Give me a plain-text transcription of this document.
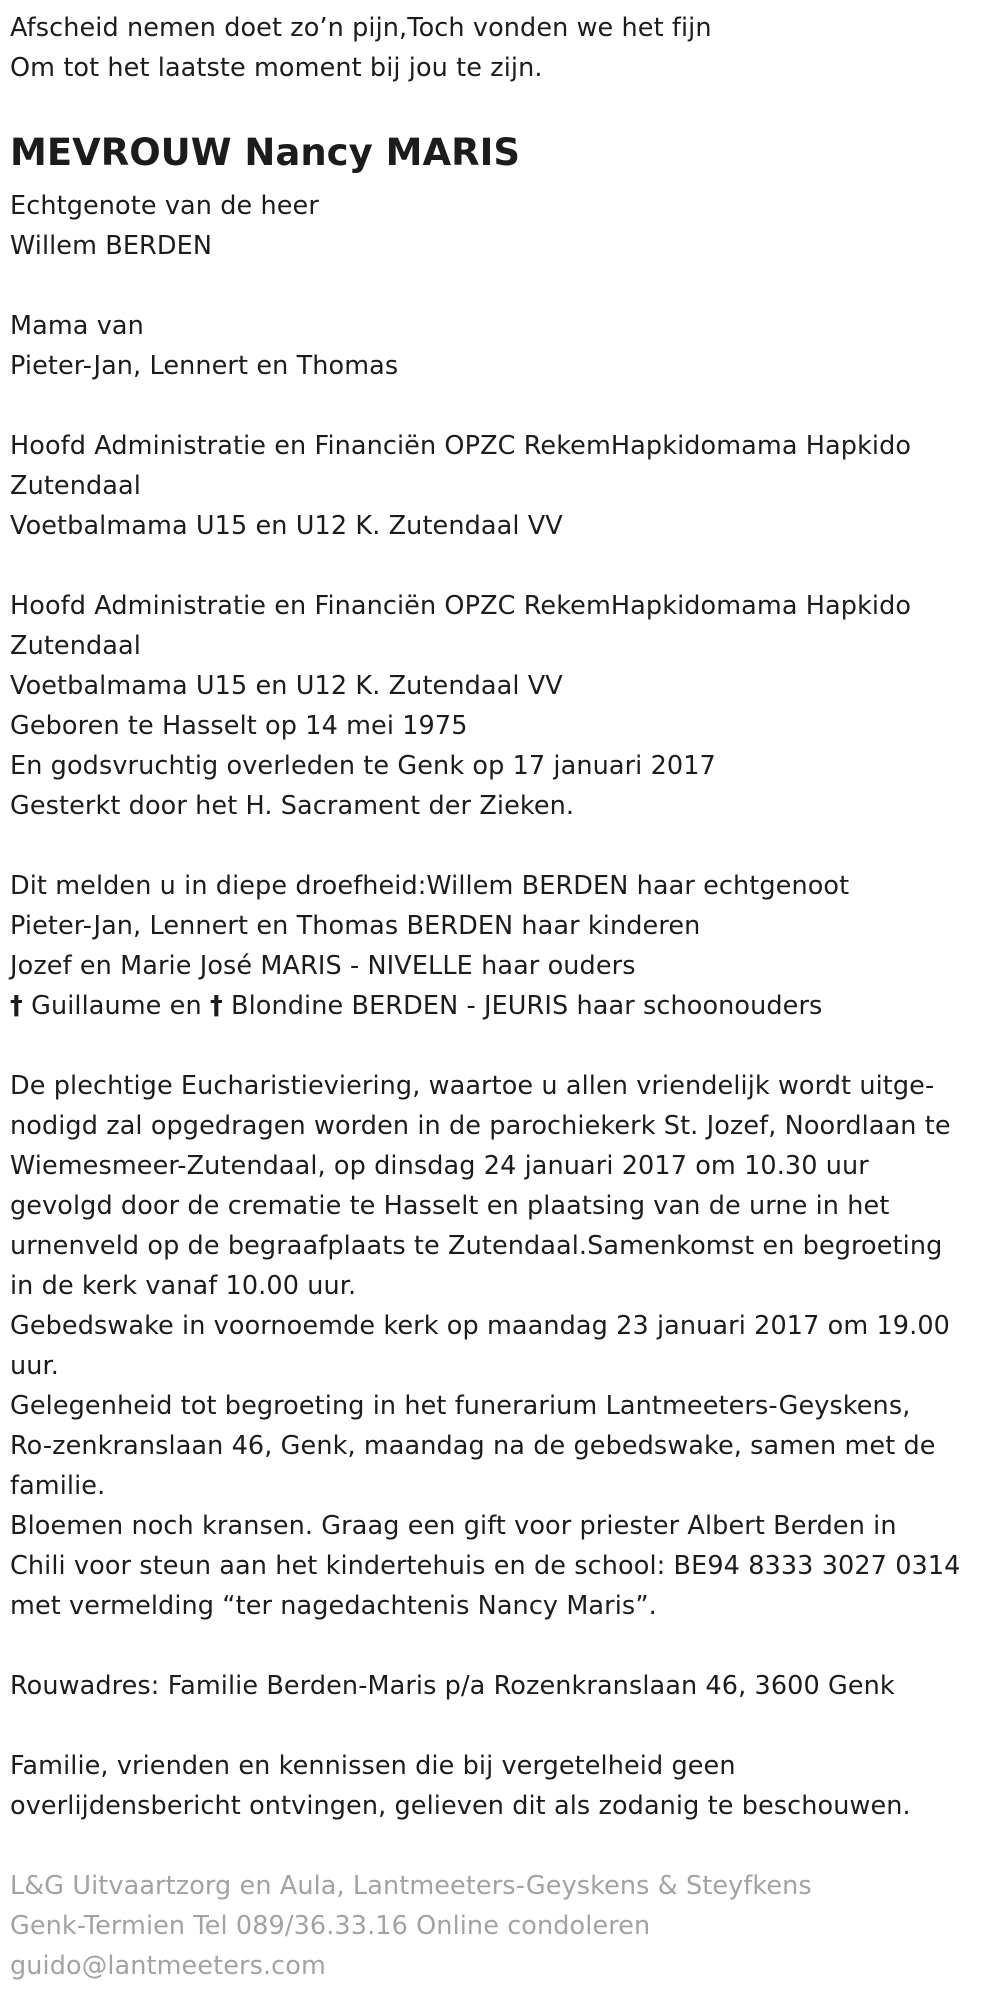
Afscheid nemen doet zo’n pijn,Toch vonden we het fijn
Om tot het laatste moment bij jou te zijn.
MEVROUW Nancy MARIS
Echtgenote van de heer
Willem BERDEN
Mama van
Pieter-Jan, Lennert en Thomas
Hoofd Administratie en Financiën OPZC RekemHapkidomama Hapkido
Zutendaal
Voetbalmama U15 en U12 K. Zutendaal VV
Hoofd Administratie en Financiën OPZC RekemHapkidomama Hapkido
Zutendaal
Voetbalmama U15 en U12 K. Zutendaal VV
Geboren te Hasselt op 14 mei 1975
En godsvruchtig overleden te Genk op 17 januari 2017
Gesterkt door het H. Sacrament der Zieken.
Dit melden u in diepe droefheid:Willem BERDEN haar echtgenoot
Pieter-Jan, Lennert en Thomas BERDEN haar kinderen
Jozef en Marie José MARIS - NIVELLE haar ouders
† Guillaume en † Blondine BERDEN - JEURIS haar schoonouders
De plechtige Eucharistieviering, waartoe u allen vriendelijk wordt uitge-
nodigd zal opgedragen worden in de parochiekerk St. Jozef, Noordlaan te
Wiemesmeer-Zutendaal, op dinsdag 24 januari 2017 om 10.30 uur
gevolgd door de crematie te Hasselt en plaatsing van de urne in het
urnenveld op de begraafplaats te Zutendaal.Samenkomst en begroeting
in de kerk vanaf 10.00 uur.
Gebedswake in voornoemde kerk op maandag 23 januari 2017 om 19.00
uur.
Gelegenheid tot begroeting in het funerarium Lantmeeters-Geyskens,
Ro-zenkranslaan 46, Genk, maandag na de gebedswake, samen met de
familie.
Bloemen noch kransen. Graag een gift voor priester Albert Berden in
Chili voor steun aan het kindertehuis en de school: BE94 8333 3027 0314
met vermelding “ter nagedachtenis Nancy Maris”.
Rouwadres: Familie Berden-Maris p/a Rozenkranslaan 46, 3600 Genk
Familie, vrienden en kennissen die bij vergetelheid geen
overlijdensbericht ontvingen, gelieven dit als zodanig te beschouwen.
L&G Uitvaartzorg en Aula, Lantmeeters-Geyskens & Steyfkens
Genk-Termien Tel 089/36.33.16 Online condoleren
guido@lantmeeters.com
